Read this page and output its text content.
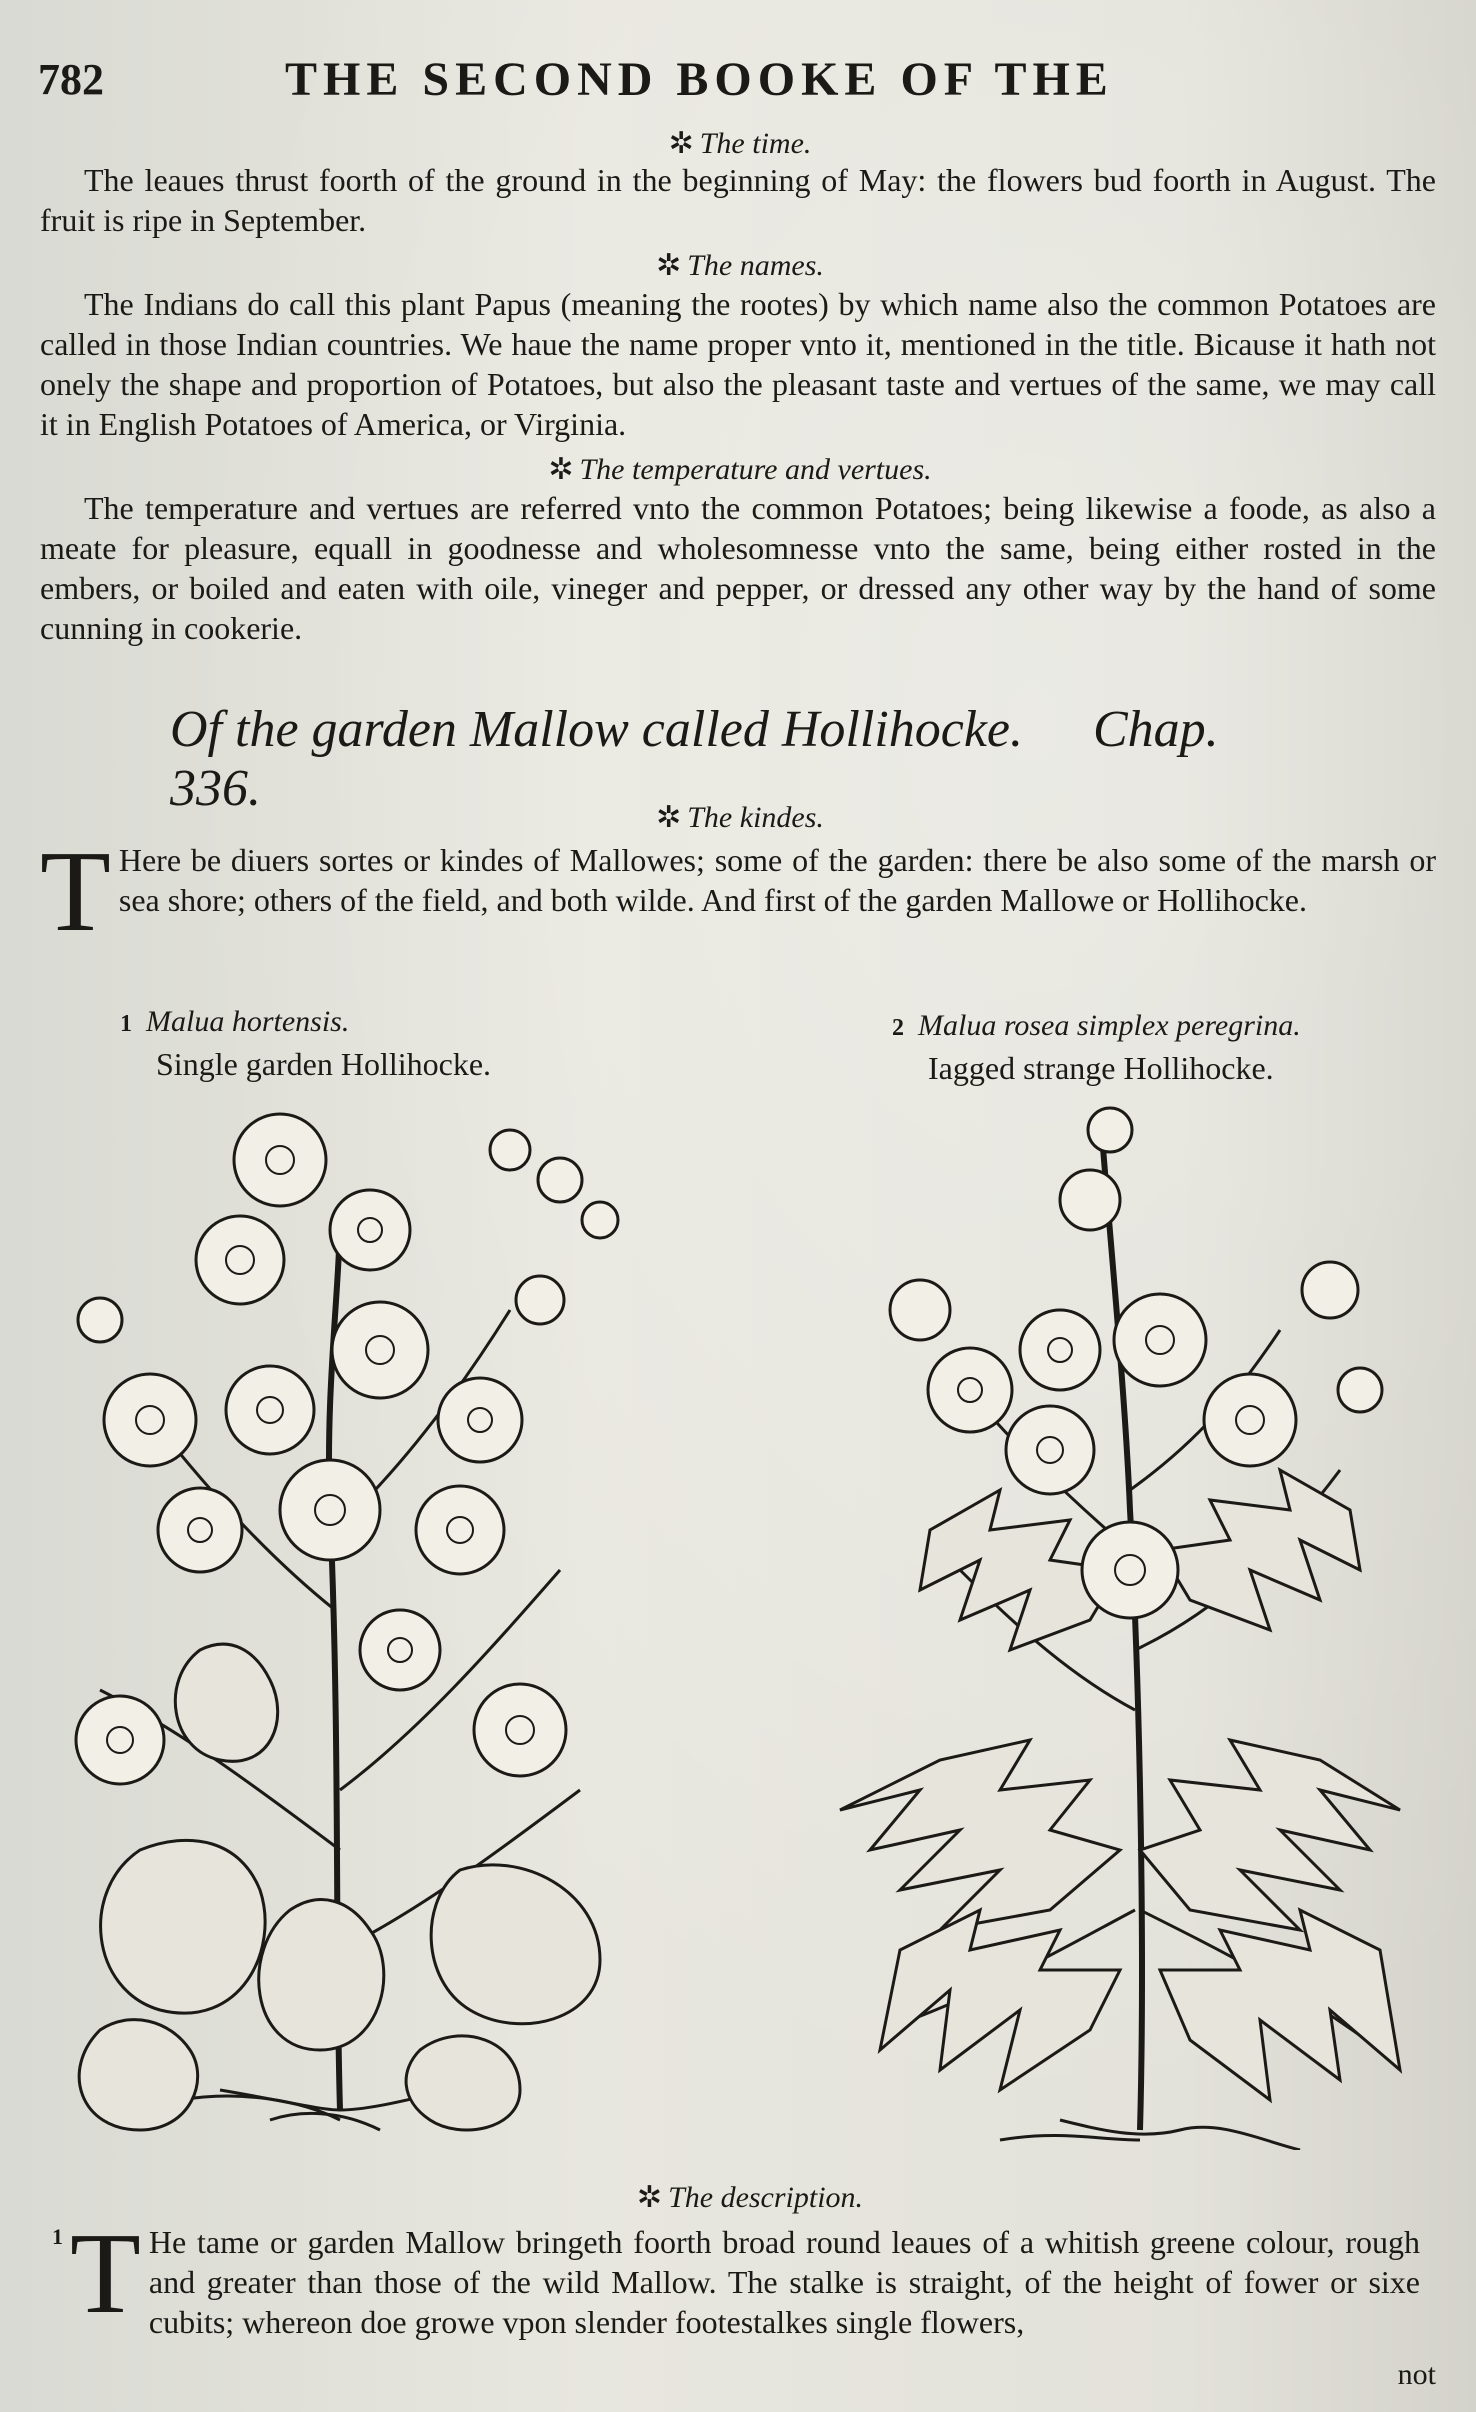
782	THE SECOND BOOKE OF THE
✲ The time.
The leaues thrust foorth of the ground in the beginning of May: the flowers bud foorth in August. The fruit is ripe in September.
✲ The names.
The Indians do call this plant Papus (meaning the rootes) by which name also the common Potatoes are called in those Indian countries. We haue the name proper vnto it, mentioned in the title. Bicause it hath not onely the shape and proportion of Potatoes, but also the pleasant taste and vertues of the same, we may call it in English Potatoes of America, or Virginia.
✲ The temperature and vertues.
The temperature and vertues are referred vnto the common Potatoes; being likewise a foode, as also a meate for pleasure, equall in goodnesse and wholesomnesse vnto the same, being either rosted in the embers, or boiled and eaten with oile, vineger and pepper, or dressed any other way by the hand of some cunning in cookerie.
Of the garden Mallow called Hollihocke. Chap. 336.
✲ The kindes.
T Here be diuers sortes or kindes of Mallowes; some of the garden: there be also some of the marsh or sea shore; others of the field, and both wilde. And first of the garden Mallowe or Hollihocke.
1 Malua hortensis.
Single garden Hollihocke.
2 Malua rosea simplex peregrina.
Iagged strange Hollihocke.
✲ The description.
1 T He tame or garden Mallow bringeth foorth broad round leaues of a whitish greene colour, rough and greater than those of the wild Mallow. The stalke is straight, of the height of fower or sixe cubits; whereon doe growe vpon slender footestalkes single flowers,
not
